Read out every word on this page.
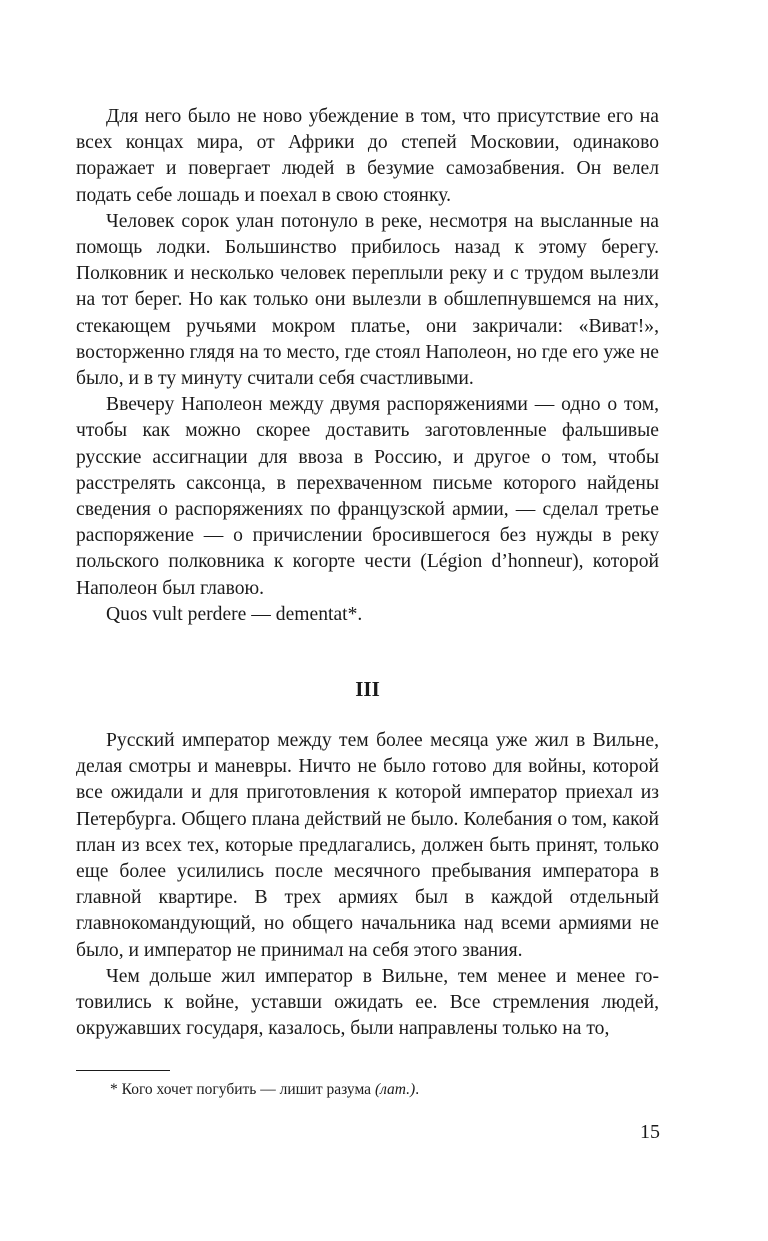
Для него было не ново убеждение в том, что присутствие его на всех концах мира, от Африки до степей Московии, одинаково поражает и повергает людей в безумие самозабвения. Он велел подать себе лошадь и поехал в свою стоянку.

Человек сорок улан потонуло в реке, несмотря на высланные на помощь лодки. Большинство прибилось назад к этому берегу. Полковник и несколько человек переплыли реку и с трудом вылезли на тот берег. Но как только они вылезли в обшлепнувшемся на них, стекающем ручьями мокром платье, они закричали: «Виват!», восторженно глядя на то место, где стоял Наполеон, но где его уже не было, и в ту минуту считали себя счастливыми.

Ввечеру Наполеон между двумя распоряжениями — одно о том, чтобы как можно скорее доставить заготовленные фальшивые русские ассигнации для ввоза в Россию, и другое о том, чтобы расстрелять саксонца, в перехваченном письме которого найдены сведения о распоряжениях по французской армии, — сделал третье распоряжение — о причислении бросившегося без нужды в реку польского полковника к когорте чести (Légion d’honneur), которой Наполеон был главою.

Quos vult perdere — dementat*.

III

Русский император между тем более месяца уже жил в Вильне, делая смотры и маневры. Ничто не было готово для войны, которой все ожидали и для приготовления к которой император приехал из Петербурга. Общего плана действий не было. Колебания о том, какой план из всех тех, которые предлагались, должен быть принят, только еще более усилились после месячного пребывания императора в главной квартире. В трех армиях был в каждой отдельный главнокомандующий, но общего начальника над всеми армиями не было, и император не принимал на себя этого звания.

Чем дольше жил император в Вильне, тем менее и менее готовились к войне, уставши ожидать ее. Все стремления людей, окружавших государя, казалось, были направлены только на то,

* Кого хочет погубить — лишит разума (лат.).
15
